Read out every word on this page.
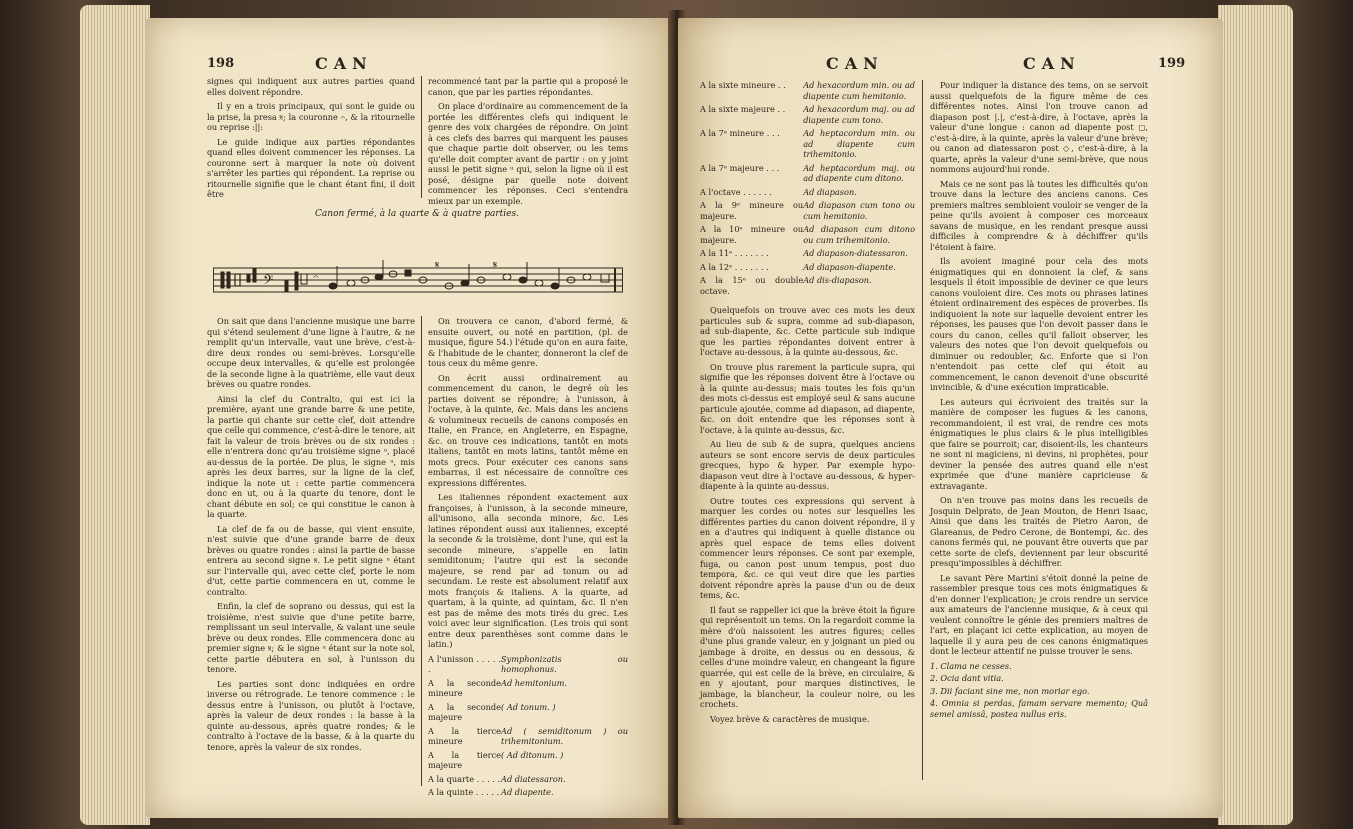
198	CAN

signes qui indiquent aux autres parties quand elles doivent répondre.

Il y en a trois principaux, qui sont le guide ou la prise, la presa 𝄋; la couronne 𝄐, & la ritournelle ou reprise :||:

Le guide indique aux parties répondantes quand elles doivent commencer les réponses. La couronne sert à marquer la note où doivent s'arrêter les parties qui répondent. La reprise ou ritournelle signifie que le chant étant fini, il doit être

recommencé tant par la partie qui a proposé le canon, que par les parties répondantes.

On place d'ordinaire au commencement de la portée les différentes clefs qui indiquent le genre des voix chargées de répondre. On joint à ces clefs des barres qui marquent les pauses que chaque partie doit observer, ou les tems qu'elle doit compter avant de partir : on y joint aussi le petit signe ᵘ qui, selon la ligne où il est posé, désigne par quelle note doivent commencer les réponses. Ceci s'entendra mieux par un exemple.

Canon fermé, à la quarte & à quatre parties.
𝄢	𝄐
𝄋	𝄋

On sait que dans l'ancienne musique une barre qui s'étend seulement d'une ligne à l'autre, & ne remplit qu'un intervalle, vaut une brève, c'est-à-dire deux rondes ou semi-brèves. Lorsqu'elle occupe deux intervalles, & qu'elle est prolongée de la seconde ligne à la quatrième, elle vaut deux brèves ou quatre rondes.

Ainsi la clef du Contralto, qui est ici la première, ayant une grande barre & une petite, la partie qui chante sur cette clef, doit attendre que celle qui commence, c'est-à-dire le tenore, ait fait la valeur de trois brèves ou de six rondes : elle n'entrera donc qu'au troisième signe ᵘ, placé au-dessus de la portée. De plus, le signe ᵘ, mis après les deux barres, sur la ligne de la clef, indique la note ut : cette partie commencera donc en ut, ou à la quarte du tenore, dont le chant débute en sol; ce qui constitue le canon à la quarte.

La clef de fa ou de basse, qui vient ensuite, n'est suivie que d'une grande barre de deux brèves ou quatre rondes : ainsi la partie de basse entrera au second signe 𝄋. Le petit signe ᵘ étant sur l'intervalle qui, avec cette clef, porte le nom d'ut, cette partie commencera en ut, comme le contralto.

Enfin, la clef de soprano ou dessus, qui est la troisième, n'est suivie que d'une petite barre, remplissant un seul intervalle, & valant une seule brève ou deux rondes. Elle commencera donc au premier signe 𝄋; & le signe ᵘ étant sur la note sol, cette partie débutera en sol, à l'unisson du tenore.

Les parties sont donc indiquées en ordre inverse ou rétrograde. Le tenore commence : le dessus entre à l'unisson, ou plutôt à l'octave, après la valeur de deux rondes : la basse à la quinte au-dessous, après quatre rondes; & le contralto à l'octave de la basse, & à la quarte du tenore, après la valeur de six rondes.

On trouvera ce canon, d'abord fermé, & ensuite ouvert, ou noté en partition, (pl. de musique, figure 54.) l'étude qu'on en aura faite, & l'habitude de le chanter, donneront la clef de tous ceux du même genre.

On écrit aussi ordinairement au commencement du canon, le degré où les parties doivent se répondre; à l'unisson, à l'octave, à la quinte, &c. Mais dans les anciens & volumineux recueils de canons composés en Italie, en France, en Angleterre, en Espagne, &c. on trouve ces indications, tantôt en mots italiens, tantôt en mots latins, tantôt même en mots grecs. Pour exécuter ces canons sans embarras, il est nécessaire de connoître ces expressions différentes.

Les italiennes répondent exactement aux françoises, à l'unisson, à la seconde mineure, all'unisono, alla seconda minore, &c. Les latines répondent aussi aux italiennes, excepté la seconde & la troisième, dont l'une, qui est la seconde mineure, s'appelle en latin semiditonum; l'autre qui est la seconde majeure, se rend par ad tonum ou ad secundam. Le reste est absolument relatif aux mots françois & italiens. A la quarte, ad quartam, à la quinte, ad quintam, &c. Il n'en est pas de même des mots tirés du grec. Les voici avec leur signification. (Les trois qui sont entre deux parenthèses sont comme dans le latin.)

A l'unisson . . . . . .	Symphonizatis ou homophonus.
A la seconde mineure	Ad hemitonium.
A la seconde majeure	( Ad tonum. )
A la tierce mineure	Ad ( semiditonum ) ou trihemitonium.
A la tierce majeure	( Ad ditonum. )
A la quarte . . . . .	Ad diatessaron.
A la quinte . . . . .	Ad diapente.
CAN	CAN	199
A la sixte mineure . .	Ad hexacordum min. ou ad diapente cum hemitonio.
A la sixte majeure . .	Ad hexacordum maj. ou ad diapente cum tono.
A la 7ᵉ mineure . . .	Ad heptacordum min. ou ad diapente cum trihemitonio.
A la 7ᵉ majeure . . .	Ad heptacordum maj. ou ad diapente cum ditono.
A l'octave . . . . . .	Ad diapason.
A la 9ᵉ mineure ou majeure.	Ad diapason cum tono ou cum hemitonio.
A la 10ᵉ mineure ou majeure.	Ad diapason cum ditono ou cum trihemitonio.
A la 11ᵉ . . . . . . .	Ad diapason-diatessaron.
A la 12ᵉ . . . . . . .	Ad diapason-diapente.
A la 15ᵉ ou double octave.	Ad dis-diapason.

Quelquefois on trouve avec ces mots les deux particules sub & supra, comme ad sub-diapason, ad sub-diapente, &c. Cette particule sub indique que les parties répondantes doivent entrer à l'octave au-dessous, à la quinte au-dessous, &c.

On trouve plus rarement la particule supra, qui signifie que les réponses doivent être à l'octave ou à la quinte au-dessus; mais toutes les fois qu'un des mots ci-dessus est employé seul & sans aucune particule ajoutée, comme ad diapason, ad diapente, &c. on doit entendre que les réponses sont à l'octave, à la quinte au-dessus, &c.

Au lieu de sub & de supra, quelques anciens auteurs se sont encore servis de deux particules grecques, hypo & hyper. Par exemple hypo-diapason veut dire à l'octave au-dessous, & hyper-diapente à la quinte au-dessus.

Outre toutes ces expressions qui servent à marquer les cordes ou notes sur lesquelles les différentes parties du canon doivent répondre, il y en a d'autres qui indiquent à quelle distance ou après quel espace de tems elles doivent commencer leurs réponses. Ce sont par exemple, fuga, ou canon post unum tempus, post duo tempora, &c. ce qui veut dire que les parties doivent répondre après la pause d'un ou de deux tems, &c.

Il faut se rappeller ici que la brève étoit la figure qui représentoit un tems. On la regardoit comme la mère d'où naissoient les autres figures; celles d'une plus grande valeur, en y joignant un pied ou jambage à droite, en dessus ou en dessous, & celles d'une moindre valeur, en changeant la figure quarrée, qui est celle de la brève, en circulaire, & en y ajoutant, pour marques distinctives, le jambage, la blancheur, la couleur noire, ou les crochets.

Voyez brève & caractères de musique.

Pour indiquer la distance des tems, on se servoit aussi quelquefois de la figure même de ces différentes notes. Ainsi l'on trouve canon ad diapason post |.|, c'est-à-dire, à l'octave, après la valeur d'une longue : canon ad diapente post ◻, c'est-à-dire, à la quinte, après la valeur d'une brève; ou canon ad diatessaron post ◇, c'est-à-dire, à la quarte, après la valeur d'une semi-brève, que nous nommons aujourd'hui ronde.

Mais ce ne sont pas là toutes les difficultés qu'on trouve dans la lecture des anciens canons. Ces premiers maîtres sembloient vouloir se venger de la peine qu'ils avoient à composer ces morceaux savans de musique, en les rendant presque aussi difficiles à comprendre & à déchiffrer qu'ils l'étoient à faire.

Ils avoient imaginé pour cela des mots énigmatiques qui en donnoient la clef, & sans lesquels il étoit impossible de deviner ce que leurs canons vouloient dire. Ces mots ou phrases latines étoient ordinairement des espèces de proverbes. Ils indiquoient la note sur laquelle devoient entrer les réponses, les pauses que l'on devoit passer dans le cours du canon, celles qu'il falloit observer, les valeurs des notes que l'on devoit quelquefois ou diminuer ou redoubler, &c. Enforte que si l'on n'entendoit pas cette clef qui étoit au commencement, le canon devenoit d'une obscurité invincible, & d'une exécution impraticable.

Les auteurs qui écrivoient des traités sur la manière de composer les fugues & les canons, recommandoient, il est vrai, de rendre ces mots énigmatiques le plus clairs & le plus intelligibles que faire se pourroit; car, disoient-ils, les chanteurs ne sont ni magiciens, ni devins, ni prophètes, pour deviner la pensée des autres quand elle n'est exprimée que d'une manière capricieuse & extravagante.

On n'en trouve pas moins dans les recueils de Josquin Delprato, de Jean Mouton, de Henri Isaac, Ainsi que dans les traités de Pietro Aaron, de Glareanus, de Pedro Cerone, de Bontempi, &c. des canons fermés qui, ne pouvant être ouverts que par cette sorte de clefs, deviennent par leur obscurité presqu'impossibles à déchiffrer.

Le savant Père Martini s'étoit donné la peine de rassembler presque tous ces mots énigmatiques & d'en donner l'explication; je crois rendre un service aux amateurs de l'ancienne musique, & à ceux qui veulent connoître le génie des premiers maîtres de l'art, en plaçant ici cette explication, au moyen de laquelle il y aura peu de ces canons énigmatiques dont le lecteur attentif ne puisse trouver le sens.

1. Clama ne cesses.
2. Ociа dant vitia.
3. Dii faciant sine me, non moriar ego.
4. Omnia si perdas, famam servare memento; Quâ semel amissâ, postea nullus eris.
